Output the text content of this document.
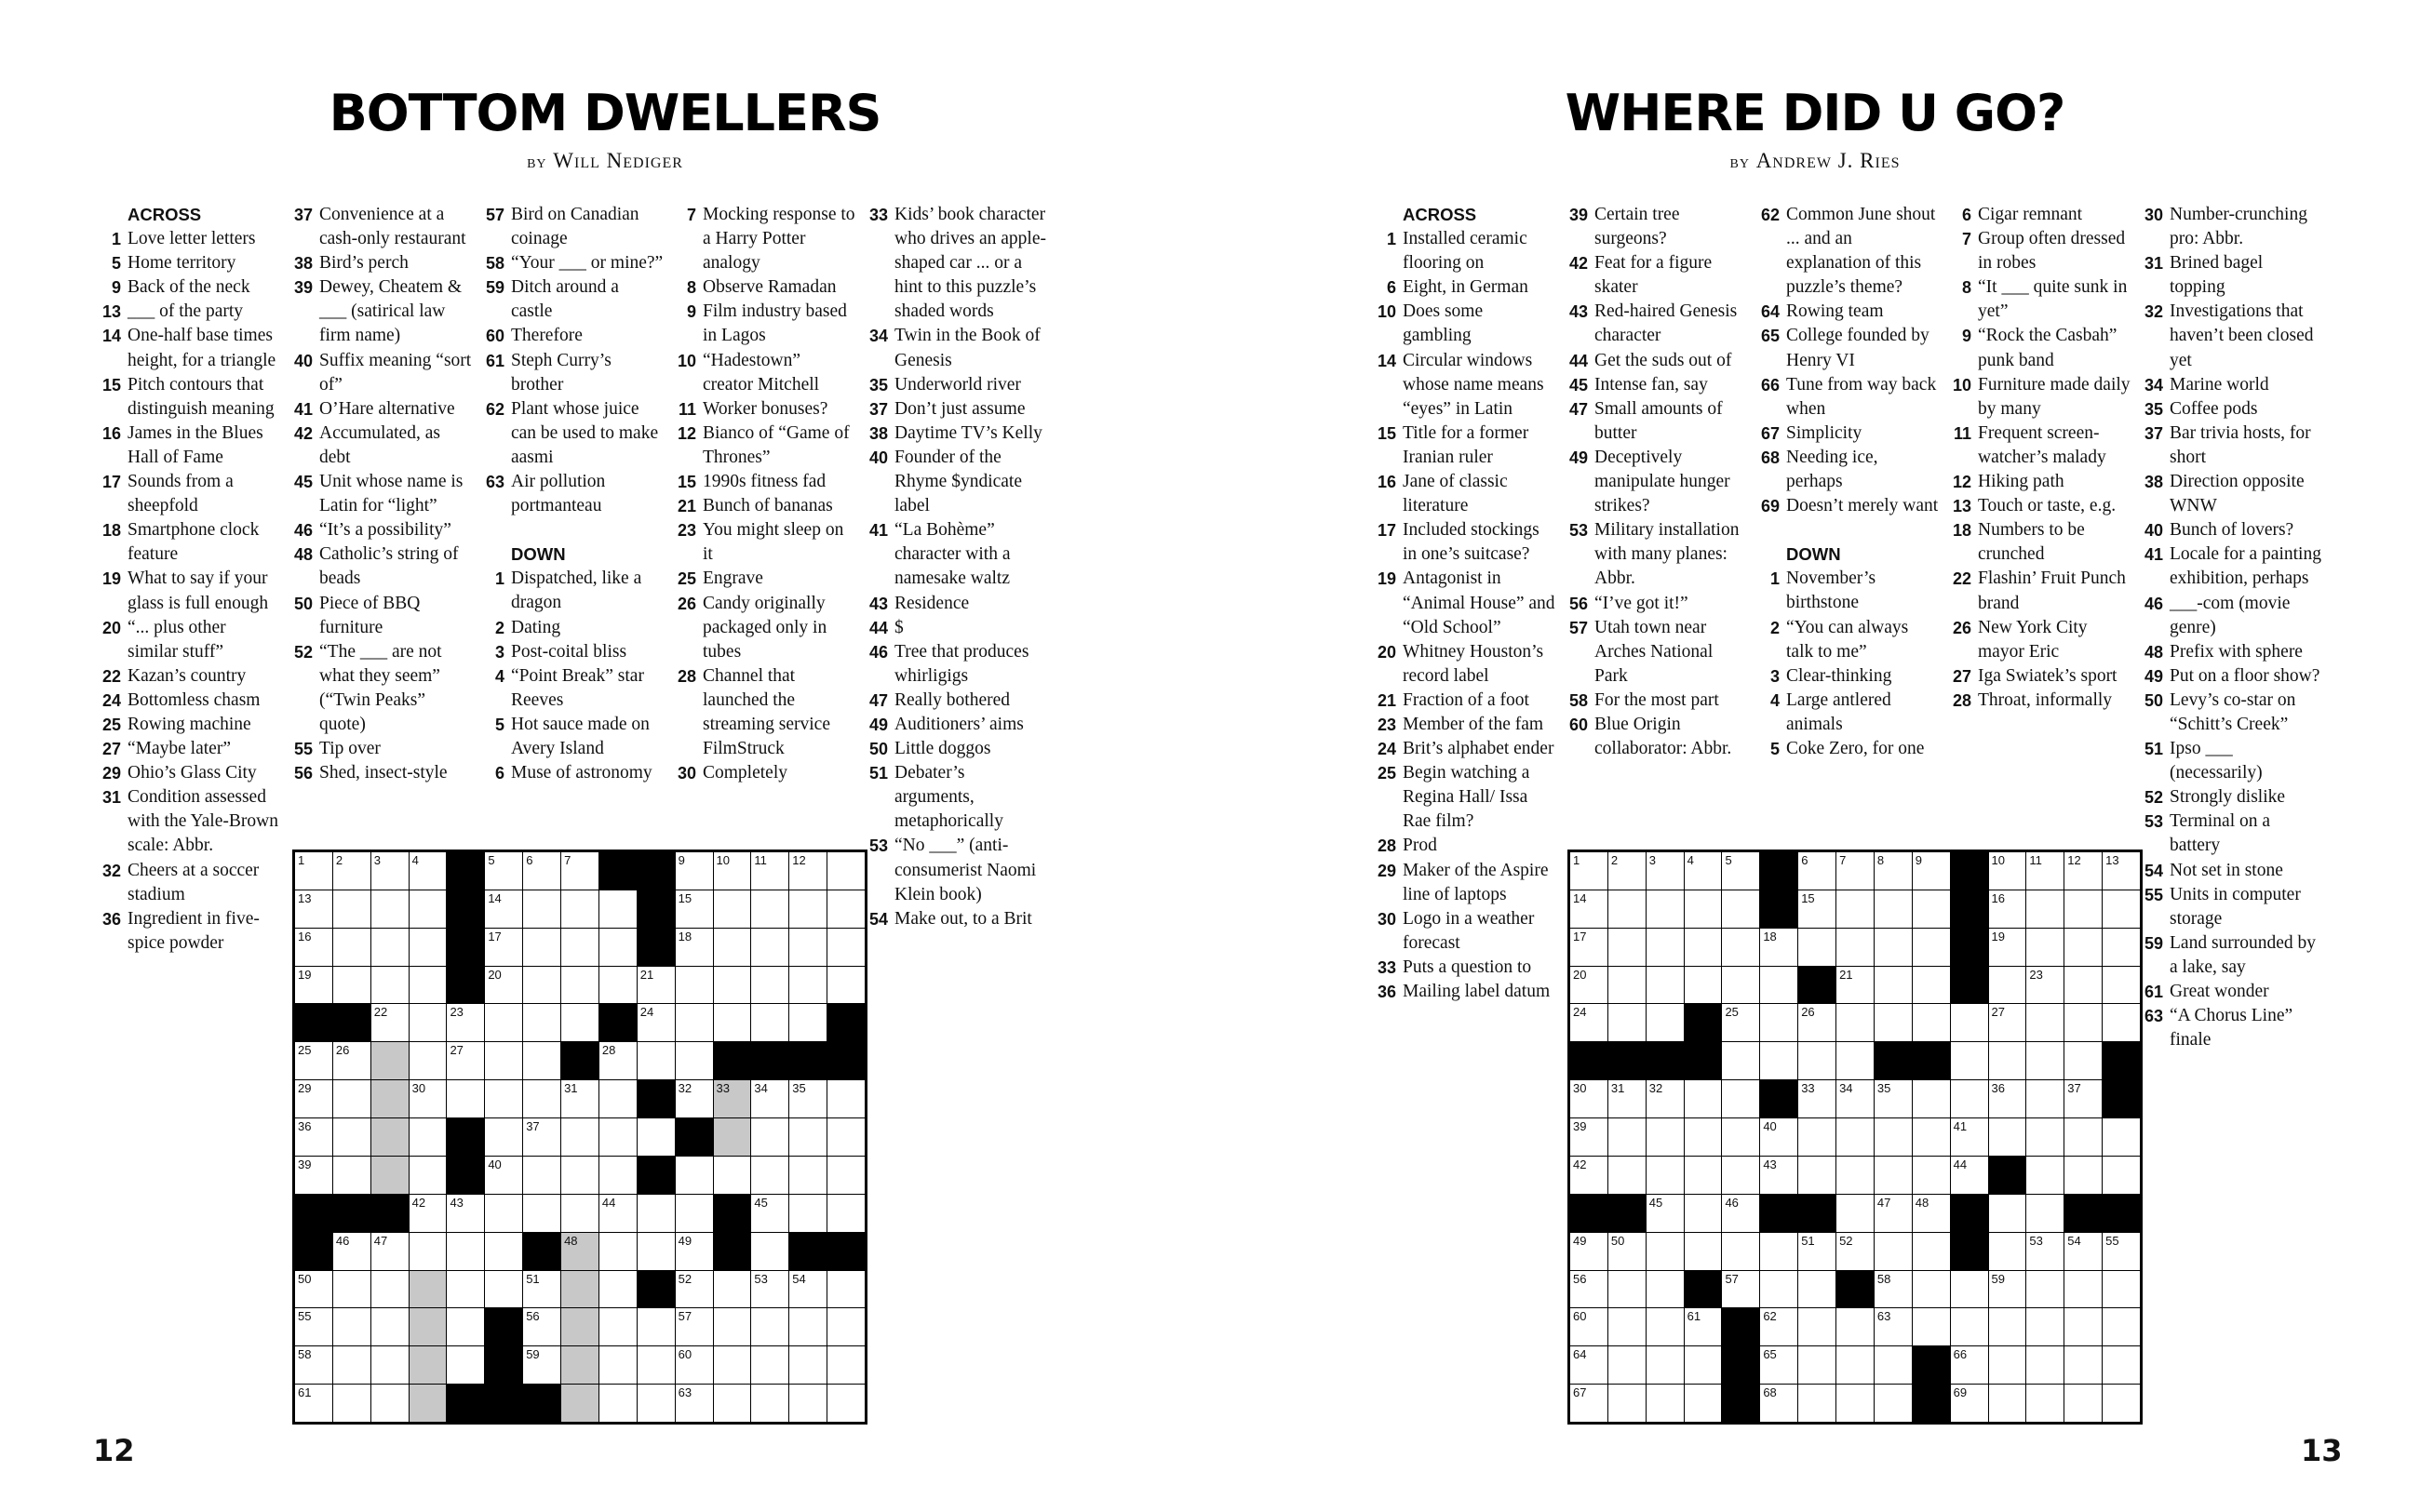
BOTTOM DWELLERS
by Will Nediger
ACROSS
1 Love letter letters
5 Home territory
9 Back of the neck
13 ___ of the party
14 One-half base times height, for a triangle
15 Pitch contours that distinguish meaning
16 James in the Blues Hall of Fame
17 Sounds from a sheepfold
18 Smartphone clock feature
19 What to say if your glass is full enough
20 “... plus other similar stuff”
22 Kazan’s country
24 Bottomless chasm
25 Rowing machine
27 “Maybe later”
29 Ohio’s Glass City
31 Condition assessed with the Yale-Brown scale: Abbr.
32 Cheers at a soccer stadium
36 Ingredient in five-spice powder
37 Convenience at a cash-only restaurant
38 Bird’s perch
39 Dewey, Cheatem & ___ (satirical law firm name)
40 Suffix meaning “sort of”
41 O’Hare alternative
42 Accumulated, as debt
45 Unit whose name is Latin for “light”
46 “It’s a possibility”
48 Catholic’s string of beads
50 Piece of BBQ furniture
52 “The ___ are not what they seem” (“Twin Peaks” quote)
55 Tip over
56 Shed, insect-style
57 Bird on Canadian coinage
58 “Your ___ or mine?”
59 Ditch around a castle
60 Therefore
61 Steph Curry’s brother
62 Plant whose juice can be used to make aasmi
63 Air pollution portmanteau
DOWN
1 Dispatched, like a dragon
2 Dating
3 Post-coital bliss
4 “Point Break” star Reeves
5 Hot sauce made on Avery Island
6 Muse of astronomy
7 Mocking response to a Harry Potter analogy
8 Observe Ramadan
9 Film industry based in Lagos
10 “Hadestown” creator Mitchell
11 Worker bonuses?
12 Bianco of “Game of Thrones”
15 1990s fitness fad
21 Bunch of bananas
23 You might sleep on it
25 Engrave
26 Candy originally packaged only in tubes
28 Channel that launched the streaming service FilmStruck
30 Completely
33 Kids’ book character who drives an apple-shaped car ... or a hint to this puzzle’s shaded words
34 Twin in the Book of Genesis
35 Underworld river
37 Don’t just assume
38 Daytime TV’s Kelly
40 Founder of the Rhyme $yndicate label
41 “La Bohème” character with a namesake waltz
43 Residence
44 $
46 Tree that produces whirligigs
47 Really bothered
49 Auditioners’ aims
50 Little doggos
51 Debater’s arguments, metaphorically
53 “No ___” (anti-consumerist Naomi Klein book)
54 Make out, to a Brit
1	2	3	4	5	6	7	9	10 11 12
13	14	15
16	17	18
19	20	21
22	23	24
25 26	27	28
29	30	31	32 33 34 35
36	37
39	40
42 43	44	45
46 47	48	49
50	51	52	53 54
55	56	57
58	59	60
61	63
12
WHERE DID U GO?
by Andrew J. Ries
ACROSS
1 Installed ceramic flooring on
6 Eight, in German
10 Does some gambling
14 Circular windows whose name means “eyes” in Latin
15 Title for a former Iranian ruler
16 Jane of classic literature
17 Included stockings in one’s suitcase?
19 Antagonist in “Animal House” and “Old School”
20 Whitney Houston’s record label
21 Fraction of a foot
23 Member of the fam
24 Brit’s alphabet ender
25 Begin watching a Regina Hall/ Issa Rae film?
28 Prod
29 Maker of the Aspire line of laptops
30 Logo in a weather forecast
33 Puts a question to
36 Mailing label datum
39 Certain tree surgeons?
42 Feat for a figure skater
43 Red-haired Genesis character
44 Get the suds out of
45 Intense fan, say
47 Small amounts of butter
49 Deceptively manipulate hunger strikes?
53 Military installation with many planes: Abbr.
56 “I’ve got it!”
57 Utah town near Arches National Park
58 For the most part
60 Blue Origin collaborator: Abbr.
62 Common June shout ... and an explanation of this puzzle’s theme?
64 Rowing team
65 College founded by Henry VI
66 Tune from way back when
67 Simplicity
68 Needing ice, perhaps
69 Doesn’t merely want
DOWN
1 November’s birthstone
2 “You can always talk to me”
3 Clear-thinking
4 Large antlered animals
5 Coke Zero, for one
6 Cigar remnant
7 Group often dressed in robes
8 “It ___ quite sunk in yet”
9 “Rock the Casbah” punk band
10 Furniture made daily by many
11 Frequent screen-watcher’s malady
12 Hiking path
13 Touch or taste, e.g.
18 Numbers to be crunched
22 Flashin’ Fruit Punch brand
26 New York City mayor Eric
27 Iga Swiatek’s sport
28 Throat, informally
30 Number-crunching pro: Abbr.
31 Brined bagel topping
32 Investigations that haven’t been closed yet
34 Marine world
35 Coffee pods
37 Bar trivia hosts, for short
38 Direction opposite WNW
40 Bunch of lovers?
41 Locale for a painting exhibition, perhaps
46 ___-com (movie genre)
48 Prefix with sphere
49 Put on a floor show?
50 Levy’s co-star on “Schitt’s Creek”
51 Ipso ___ (necessarily)
52 Strongly dislike
53 Terminal on a battery
54 Not set in stone
55 Units in computer storage
59 Land surrounded by a lake, say
61 Great wonder
63 “A Chorus Line” finale
1	2	3	4	5	6	7	8	9	10 11 12 13
14	15	16
17	18	19
20	21	23
24	25	26	27
30 31 32	33 34 35	36	37
39	40	41
42	43	44
45	46	47 48
49 50	51 52	53 54 55
56	57	58	59
60	61	62	63
64	65	66
67	68	69
13
